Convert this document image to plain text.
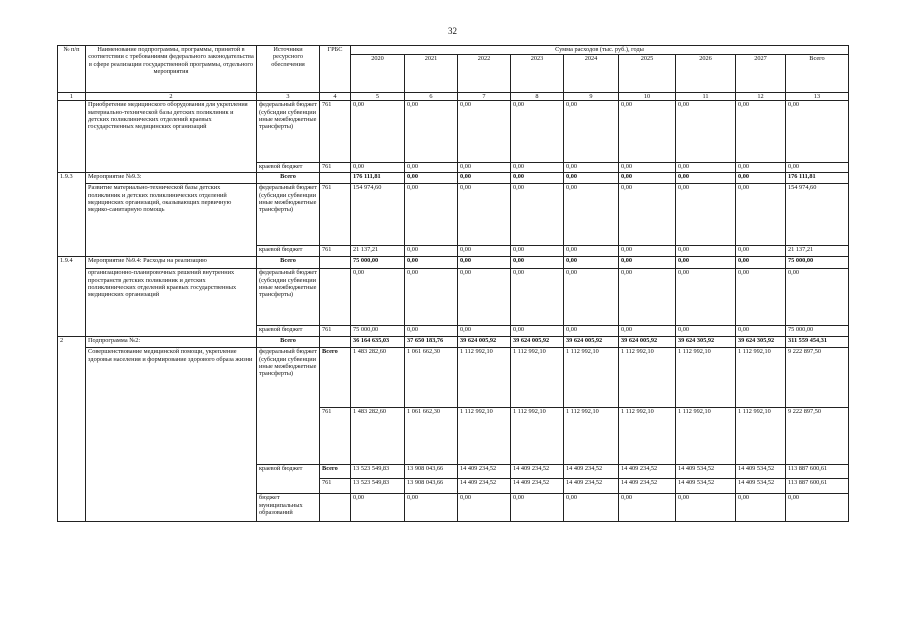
32
№ п/п	Наименование подпрограммы, программы, принятой в соответствии с требованиями федерального законодательства в сфере реализации государственной программы, отдельного мероприятия	Источники ресурсного обеспечения	ГРБС	Сумма расходов (тыс. руб.), годы								
				2020	2021	2022	2023	2024	2025	2026	2027	Всего
1	2	3	4	5	6	7	8	9	10	11	12	13
	Приобретение медицинского оборудования для укрепления материально-технической базы детских поликлиник и детских поликлинических отделений краевых государственных медицинских организаций	федеральный бюджет (субсидии субвенции иные межбюджетные трансферты)	761	0,00	0,00	0,00	0,00	0,00	0,00	0,00	0,00	0,00
		краевой бюджет	761	0,00	0,00	0,00	0,00	0,00	0,00	0,00	0,00	0,00
1.9.3	Мероприятие №9.3:	Всего		176 111,81	0,00	0,00	0,00	0,00	0,00	0,00	0,00	176 111,81
	Развитие материально-технической базы детских поликлиник и детских поликлинических отделений медицинских организаций, оказывающих первичную медико-санитарную помощь	федеральный бюджет (субсидии субвенции иные межбюджетные трансферты)	761	154 974,60	0,00	0,00	0,00	0,00	0,00	0,00	0,00	154 974,60
		краевой бюджет	761	21 137,21	0,00	0,00	0,00	0,00	0,00	0,00	0,00	21 137,21
1.9.4	Мероприятие №9.4: Расходы на реализацию	Всего		75 000,00	0,00	0,00	0,00	0,00	0,00	0,00	0,00	75 000,00
	организационно-планировочных решений внутренних пространств детских поликлиник и детских поликлинических отделений краевых государственных медицинских организаций	федеральный бюджет (субсидии субвенции иные межбюджетные трансферты)		0,00	0,00	0,00	0,00	0,00	0,00	0,00	0,00	0,00
		краевой бюджет	761	75 000,00	0,00	0,00	0,00	0,00	0,00	0,00	0,00	75 000,00
2	Подпрограмма №2:	Всего		36 164 635,03	37 650 183,76	39 624 005,92	39 624 005,92	39 624 005,92	39 624 005,92	39 624 305,92	39 624 305,92	311 559 454,31
	Совершенствование медицинской помощи, укрепление здоровья населения и формирование здорового образа жизни	федеральный бюджет (субсидии субвенции иные межбюджетные трансферты)	Всего	1 483 282,60	1 061 662,30	1 112 992,10	1 112 992,10	1 112 992,10	1 112 992,10	1 112 992,10	1 112 992,10	9 222 897,50
			761	1 483 282,60	1 061 662,30	1 112 992,10	1 112 992,10	1 112 992,10	1 112 992,10	1 112 992,10	1 112 992,10	9 222 897,50
		краевой бюджет	Всего	13 523 549,83	13 908 043,66	14 409 234,52	14 409 234,52	14 409 234,52	14 409 234,52	14 409 534,52	14 409 534,52	113 887 600,61
			761	13 523 549,83	13 908 043,66	14 409 234,52	14 409 234,52	14 409 234,52	14 409 234,52	14 409 534,52	14 409 534,52	113 887 600,61
		бюджет муниципальных образований		0,00	0,00	0,00	0,00	0,00	0,00	0,00	0,00	0,00
